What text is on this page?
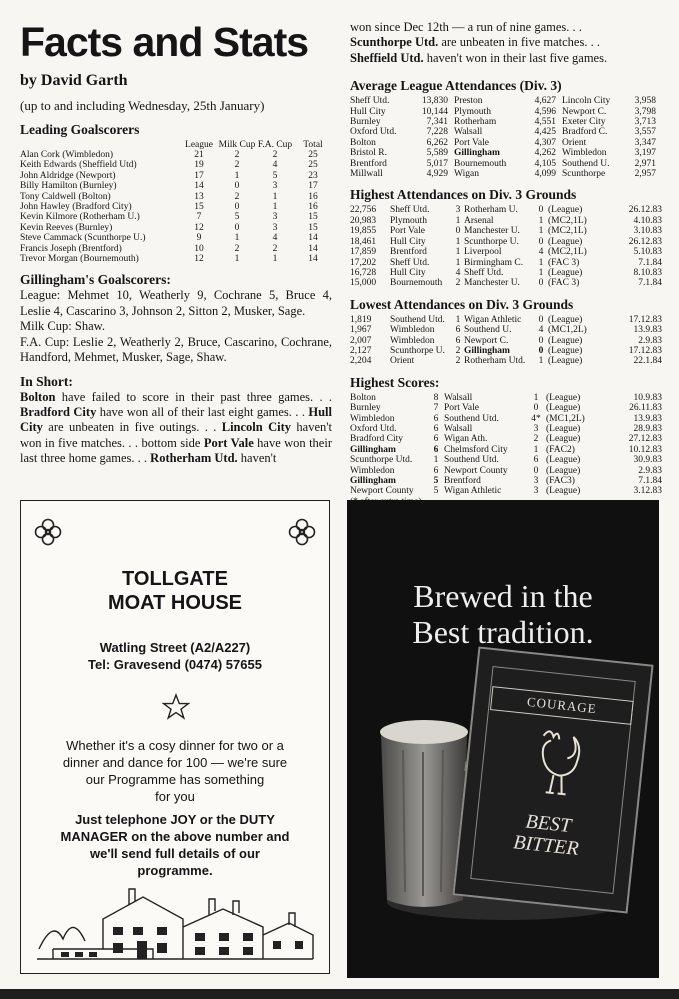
Facts and Stats

by David Garth

(up to and including Wednesday, 25th January)

Leading Goalscorers
	League	Milk Cup	F.A. Cup	Total
Alan Cork (Wimbledon)	21	2	2	25
Keith Edwards (Sheffield Utd)	19	2	4	25
John Aldridge (Newport)	17	1	5	23
Billy Hamilton (Burnley)	14	0	3	17
Tony Caldwell (Bolton)	13	2	1	16
John Hawley (Bradford City)	15	0	1	16
Kevin Kilmore (Rotherham U.)	7	5	3	15
Kevin Reeves (Burnley)	12	0	3	15
Steve Cammack (Scunthorpe U.)	9	1	4	14
Francis Joseph (Brentford)	10	2	2	14
Trevor Morgan (Bournemouth)	12	1	1	14
Gillingham's Goalscorers:

League: Mehmet 10, Weatherly 9, Cochrane 5, Bruce 4, Leslie 4, Cascarino 3, Johnson 2, Sitton 2, Musker, Sage.

Milk Cup: Shaw.

F.A. Cup: Leslie 2, Weatherly 2, Bruce, Cascarino, Cochrane, Handford, Mehmet, Musker, Sage, Shaw.

In Short:

Bolton have failed to score in their past three games. . . Bradford City have won all of their last eight games. . . Hull City are unbeaten in five outings. . . Lincoln City haven't won in five matches. . . bottom side Port Vale have won their last three home games. . . Rotherham Utd. haven't

won since Dec 12th — a run of nine games. . .
Scunthorpe Utd. are unbeaten in five matches. . .
Sheffield Utd. haven't won in their last five games.

Average League Attendances (Div. 3)
Sheff Utd.	13,830	Preston	4,627	Lincoln City	3,958
Hull City	10,144	Plymouth	4,596	Newport C.	3,798
Burnley	7,341	Rotherham	4,551	Exeter City	3,713
Oxford Utd.	7,228	Walsall	4,425	Bradford C.	3,557
Bolton	6,262	Port Vale	4,307	Orient	3,347
Bristol R.	5,589	Gillingham	4,262	Wimbledon	3,197
Brentford	5,017	Bournemouth	4,105	Southend U.	2,971
Millwall	4,929	Wigan	4,099	Scunthorpe	2,957
Highest Attendances on Div. 3 Grounds
22,756	Sheff Utd.	3	Rotherham U.	0	(League)	26.12.83
20,983	Plymouth	1	Arsenal	1	(MC2,1L)	4.10.83
19,855	Port Vale	0	Manchester U.	1	(MC2,1L)	3.10.83
18,461	Hull City	1	Scunthorpe U.	0	(League)	26.12.83
17,859	Brentford	1	Liverpool	4	(MC2,1L)	5.10.83
17,202	Sheff Utd.	1	Birmingham C.	1	(FAC 3)	7.1.84
16,728	Hull City	4	Sheff Utd.	1	(League)	8.10.83
15,000	Bournemouth	2	Manchester U.	0	(FAC 3)	7.1.84
Lowest Attendances on Div. 3 Grounds
1,819	Southend Utd.	1	Wigan Athletic	0	(League)	17.12.83
1,967	Wimbledon	6	Southend U.	4	(MC1,2L)	13.9.83
2,007	Wimbledon	6	Newport C.	0	(League)	2.9.83
2,127	Scunthorpe U.	2	Gillingham	0	(League)	17.12.83
2,204	Orient	2	Rotherham Utd.	1	(League)	22.1.84
Highest Scores:
Bolton	8	Walsall	1	(League)	10.9.83
Burnley	7	Port Vale	0	(League)	26.11.83
Wimbledon	6	Southend Utd.	4*	(MC1,2L)	13.9.83
Oxford Utd.	6	Walsall	3	(League)	28.9.83
Bradford City	6	Wigan Ath.	2	(League)	27.12.83
Gillingham	6	Chelmsford City	1	(FAC2)	10.12.83
Scunthorpe Utd.	1	Southend Utd.	6	(League)	30.9.83
Wimbledon	6	Newport County	0	(League)	2.9.83
Gillingham	5	Brentford	3	(FAC3)	7.1.84
Newport County	5	Wigan Athletic	3	(League)	3.12.83

TOLLGATE

MOAT HOUSE

Watling Street (A2/A227)

Tel: Gravesend (0474) 57655

Whether it's a cosy dinner for two or a

dinner and dance for 100 — we're sure

our Programme has something

for you

Just telephone JOY or the DUTY

MANAGER on the above number and

we'll send full details of our

programme.

Brewed in the
Best tradition.
COURAGE
BEST
BITTER
